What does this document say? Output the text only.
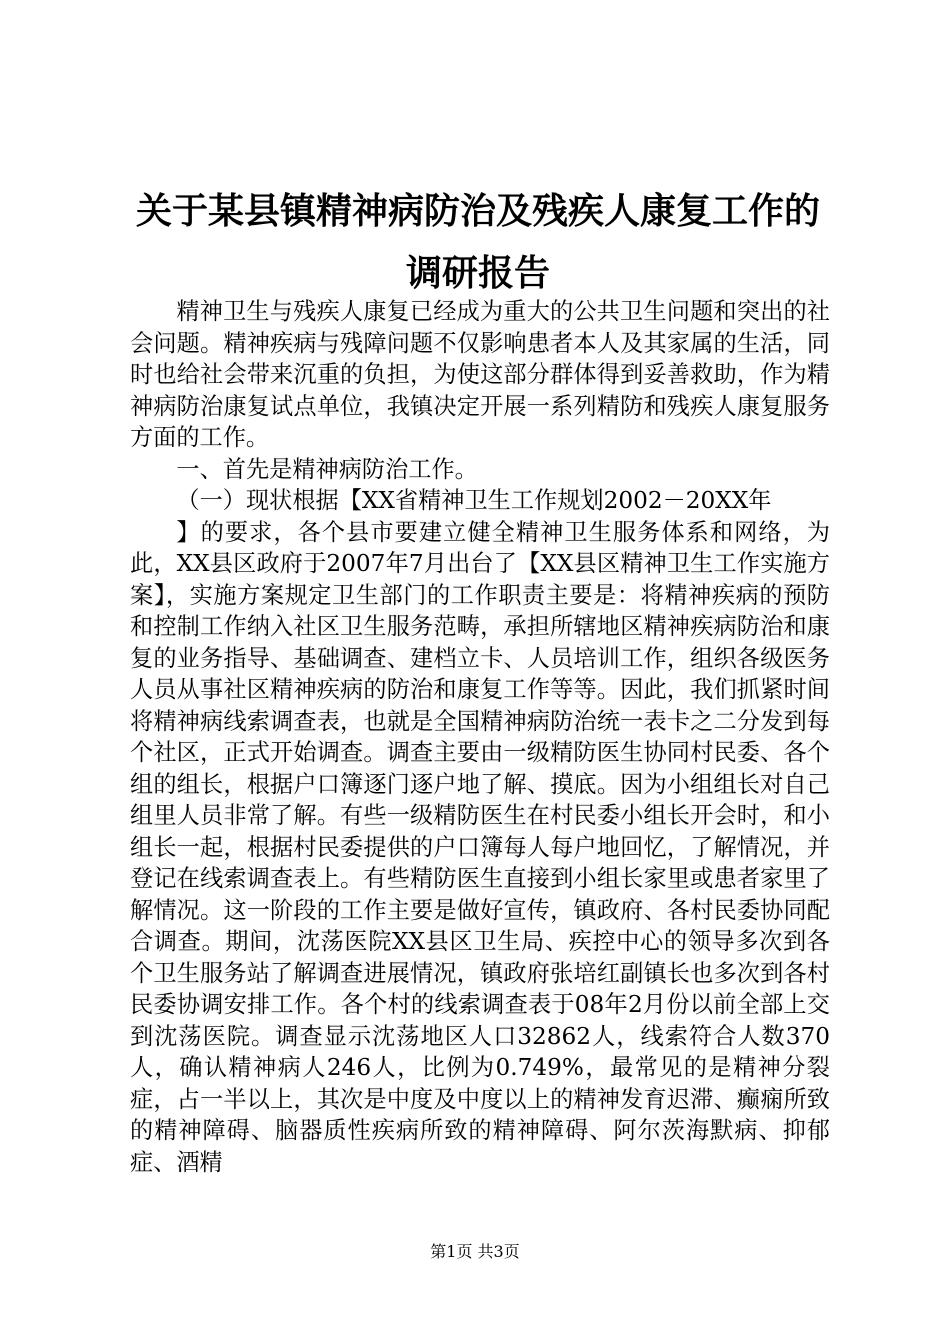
关于某县镇精神病防治及残疾人康复工作的调研报告

精神卫生与残疾人康复已经成为重大的公共卫生问题和突出的社会问题。精神疾病与残障问题不仅影响患者本人及其家属的生活，同时也给社会带来沉重的负担，为使这部分群体得到妥善救助，作为精神病防治康复试点单位，我镇决定开展一系列精防和残疾人康复服务方面的工作。

一、首先是精神病防治工作。

（一）现状根据【XX省精神卫生工作规划2002－20XX年

】的要求，各个县市要建立健全精神卫生服务体系和网络，为此，XX县区政府于2007年7月出台了【XX县区精神卫生工作实施方案】，实施方案规定卫生部门的工作职责主要是：将精神疾病的预防和控制工作纳入社区卫生服务范畴，承担所辖地区精神疾病防治和康复的业务指导、基础调查、建档立卡、人员培训工作，组织各级医务人员从事社区精神疾病的防治和康复工作等等。因此，我们抓紧时间将精神病线索调查表，也就是全国精神病防治统一表卡之二分发到每个社区，正式开始调查。调查主要由一级精防医生协同村民委、各个组的组长，根据户口簿逐门逐户地了解、摸底。因为小组组长对自己组里人员非常了解。有些一级精防医生在村民委小组长开会时，和小组长一起，根据村民委提供的户口簿每人每户地回忆，了解情况，并登记在线索调查表上。有些精防医生直接到小组长家里或患者家里了解情况。这一阶段的工作主要是做好宣传，镇政府、各村民委协同配合调查。期间，沈荡医院XX县区卫生局、疾控中心的领导多次到各个卫生服务站了解调查进展情况，镇政府张培红副镇长也多次到各村民委协调安排工作。各个村的线索调查表于08年2月份以前全部上交到沈荡医院。调查显示沈荡地区人口32862人，线索符合人数370人，确认精神病人246人，比例为0.749%，最常见的是精神分裂症，占一半以上，其次是中度及中度以上的精神发育迟滞、癫痫所致的精神障碍、脑器质性疾病所致的精神障碍、阿尔茨海默病、抑郁症、酒精

第1页 共3页
